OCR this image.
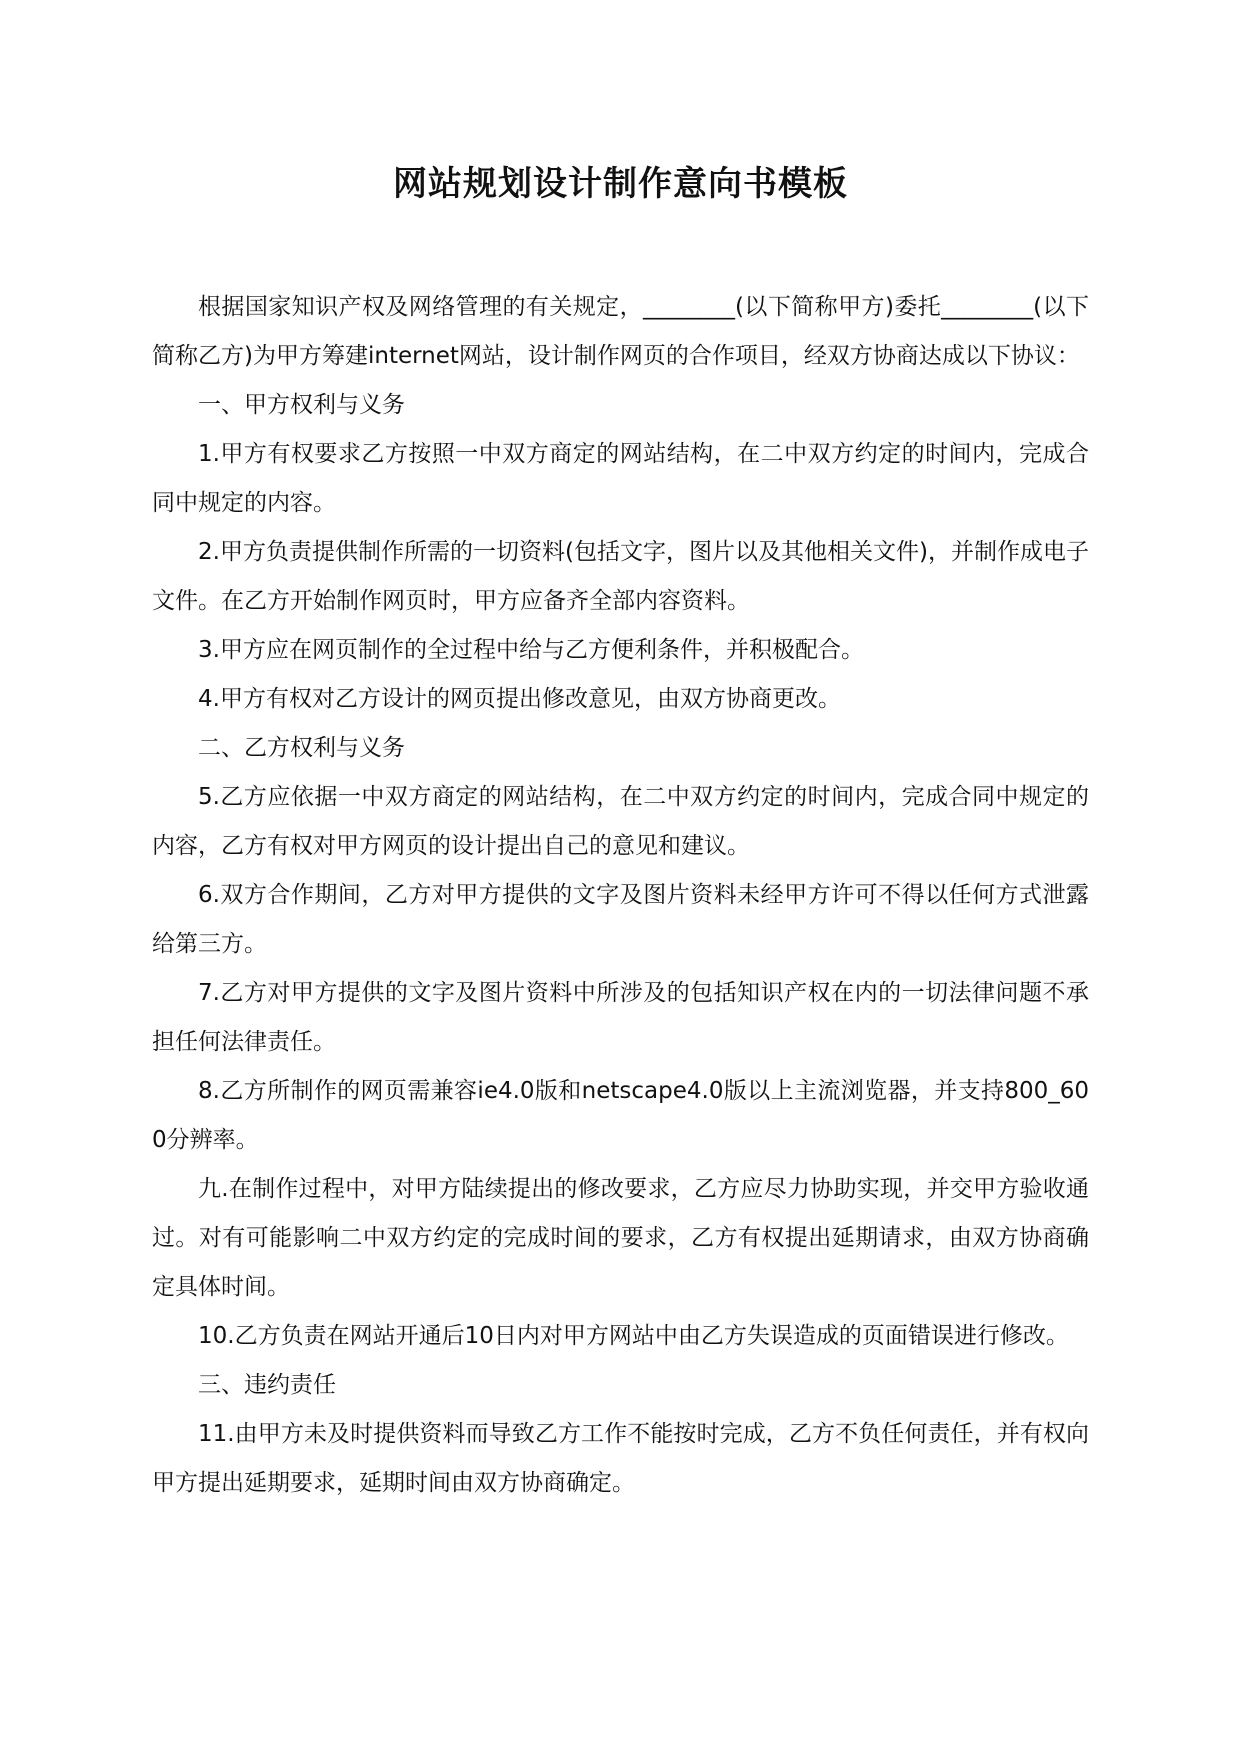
网站规划设计制作意向书模板

根据国家知识产权及网络管理的有关规定，________(以下简称甲方)委托________(以下简称乙方)为甲方筹建internet网站，设计制作网页的合作项目，经双方协商达成以下协议：

一、甲方权利与义务

1.甲方有权要求乙方按照一中双方商定的网站结构，在二中双方约定的时间内，完成合同中规定的内容。

2.甲方负责提供制作所需的一切资料(包括文字，图片以及其他相关文件)，并制作成电子文件。在乙方开始制作网页时，甲方应备齐全部内容资料。

3.甲方应在网页制作的全过程中给与乙方便利条件，并积极配合。

4.甲方有权对乙方设计的网页提出修改意见，由双方协商更改。

二、乙方权利与义务

5.乙方应依据一中双方商定的网站结构，在二中双方约定的时间内，完成合同中规定的内容，乙方有权对甲方网页的设计提出自己的意见和建议。

6.双方合作期间，乙方对甲方提供的文字及图片资料未经甲方许可不得以任何方式泄露给第三方。

7.乙方对甲方提供的文字及图片资料中所涉及的包括知识产权在内的一切法律问题不承担任何法律责任。

8.乙方所制作的网页需兼容ie4.0版和netscape4.0版以上主流浏览器，并支持800_600分辨率。

九.在制作过程中，对甲方陆续提出的修改要求，乙方应尽力协助实现，并交甲方验收通过。对有可能影响二中双方约定的完成时间的要求，乙方有权提出延期请求，由双方协商确定具体时间。

10.乙方负责在网站开通后10日内对甲方网站中由乙方失误造成的页面错误进行修改。

三、违约责任

11.由甲方未及时提供资料而导致乙方工作不能按时完成，乙方不负任何责任，并有权向甲方提出延期要求，延期时间由双方协商确定。
